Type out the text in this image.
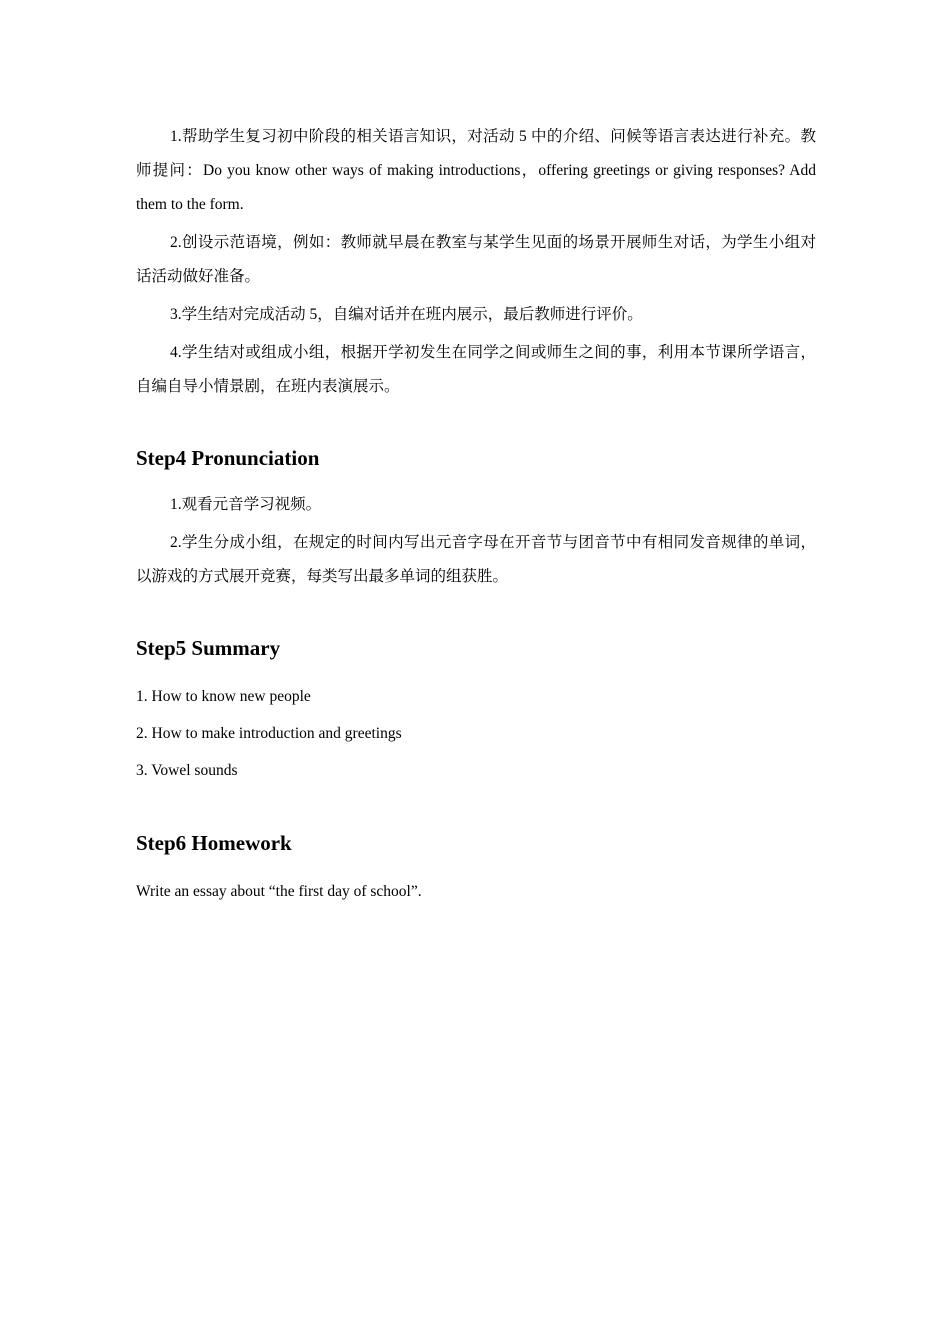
1.帮助学生复习初中阶段的相关语言知识，对活动 5 中的介绍、问候等语言表达进行补充。教师提问：Do you know other ways of making introductions，offering greetings or giving responses? Add them to the form.

2.创设示范语境，例如：教师就早晨在教室与某学生见面的场景开展师生对话，为学生小组对话活动做好准备。

3.学生结对完成活动 5，自编对话并在班内展示，最后教师进行评价。

4.学生结对或组成小组，根据开学初发生在同学之间或师生之间的事，利用本节课所学语言，自编自导小情景剧，在班内表演展示。

Step4 Pronunciation

1.观看元音学习视频。

2.学生分成小组，在规定的时间内写出元音字母在开音节与团音节中有相同发音规律的单词，以游戏的方式展开竞赛，每类写出最多单词的组获胜。

Step5 Summary

1. How to know new people

2. How to make introduction and greetings

3. Vowel sounds

Step6 Homework

Write an essay about “the first day of school”.
